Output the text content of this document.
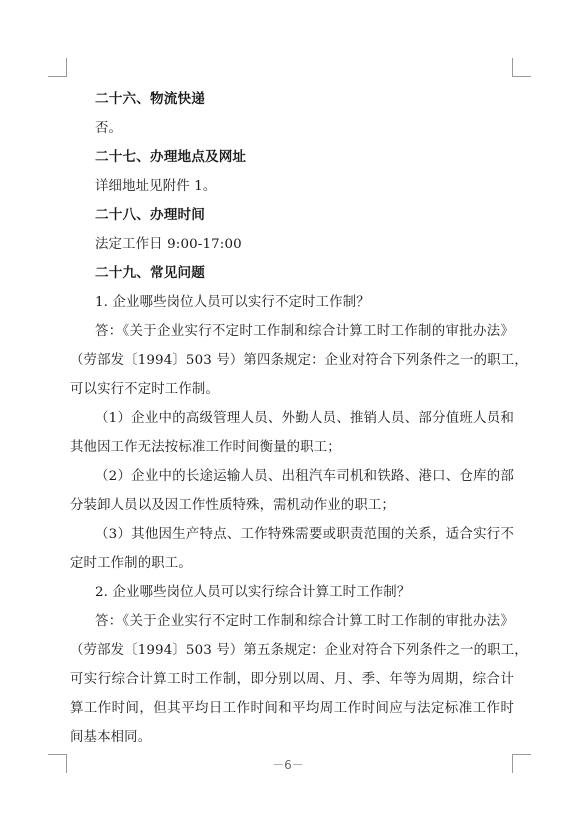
二十六、物流快递
否。
二十七、办理地点及网址
详细地址见附件 1。
二十八、办理时间
法定工作日 9:00-17:00
二十九、常见问题
1. 企业哪些岗位人员可以实行不定时工作制？
答：《关于企业实行不定时工作制和综合计算工时工作制的审批办法》
（劳部发〔1994〕503 号）第四条规定：企业对符合下列条件之一的职工，
可以实行不定时工作制。
（1）企业中的高级管理人员、外勤人员、推销人员、部分值班人员和
其他因工作无法按标准工作时间衡量的职工；
（2）企业中的长途运输人员、出租汽车司机和铁路、港口、仓库的部
分装卸人员以及因工作性质特殊，需机动作业的职工；
（3）其他因生产特点、工作特殊需要或职责范围的关系，适合实行不
定时工作制的职工。
2. 企业哪些岗位人员可以实行综合计算工时工作制？
答：《关于企业实行不定时工作制和综合计算工时工作制的审批办法》
（劳部发〔1994〕503 号）第五条规定：企业对符合下列条件之一的职工，
可实行综合计算工时工作制，即分别以周、月、季、年等为周期，综合计
算工作时间，但其平均日工作时间和平均周工作时间应与法定标准工作时
间基本相同。
－6－
